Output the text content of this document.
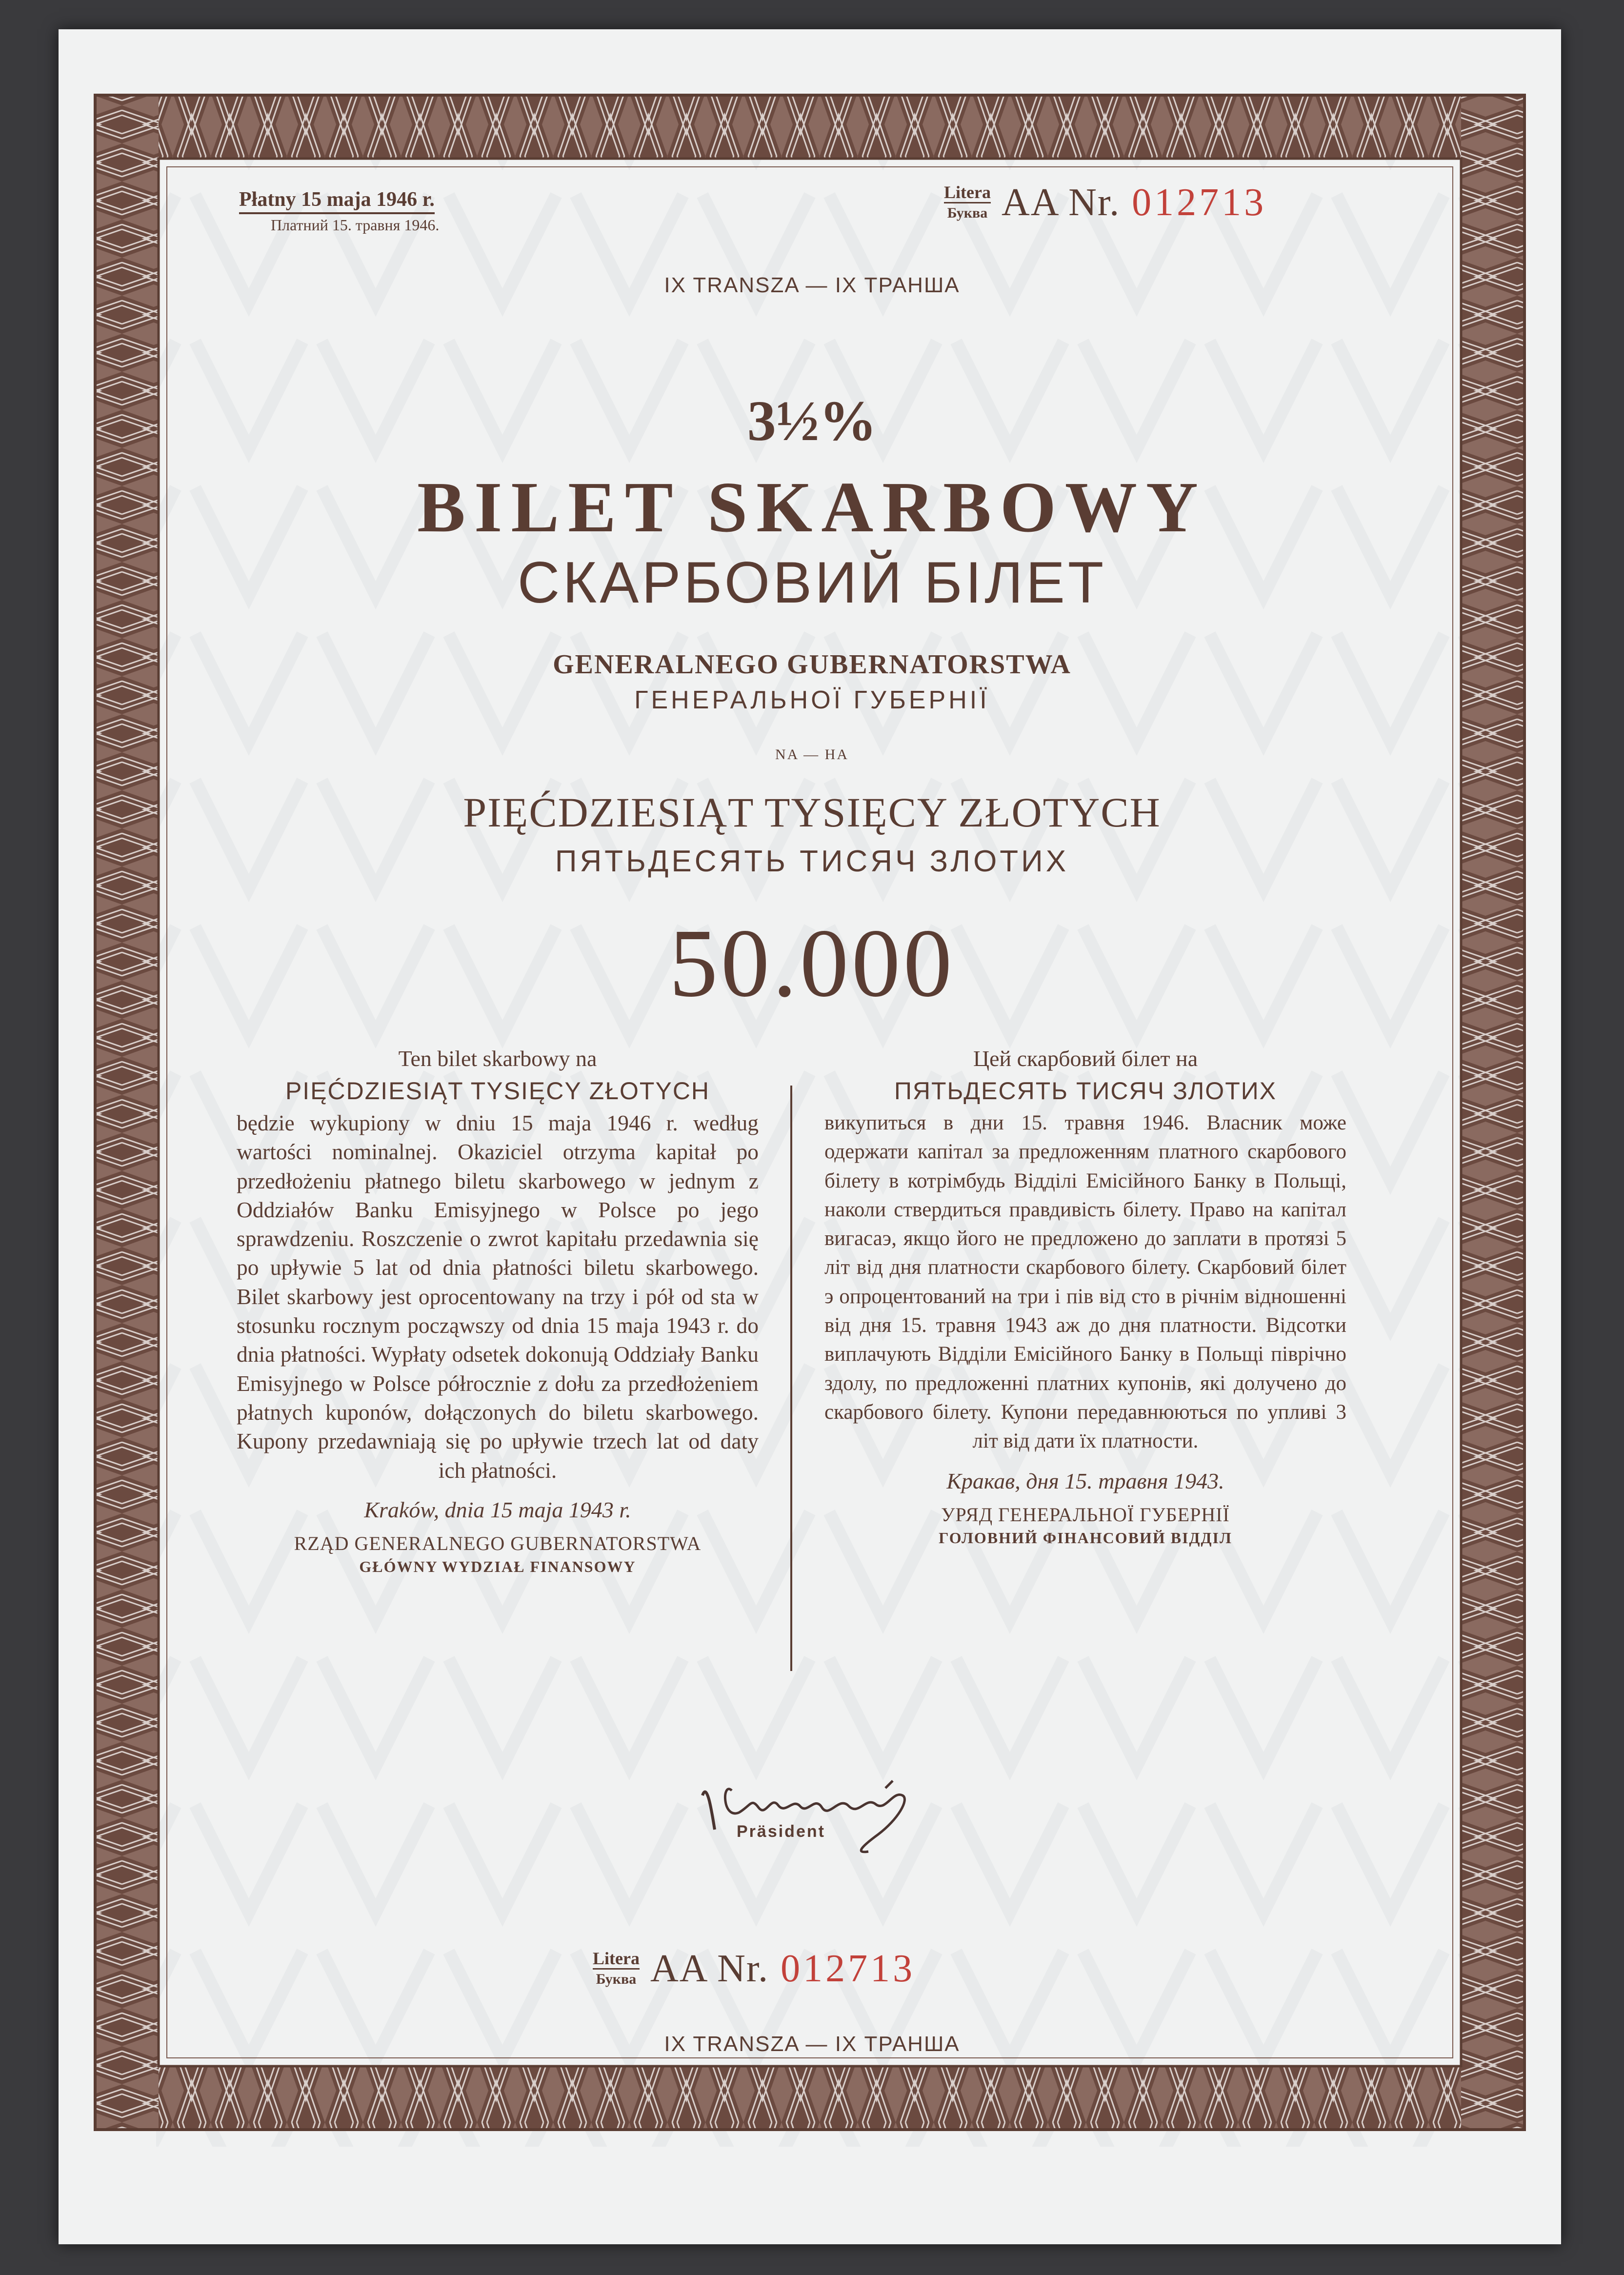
Płatny 15 maja 1946 r.
Платний 15. травня 1946.
Litera
Буква AA Nr. 012713
IX TRANSZA — IX ТРАНША
3½%
BILET SKARBOWY
СКАРБОВИЙ БІЛЕТ
GENERALNEGO GUBERNATORSTWA
ГЕНЕРАЛЬНОЇ ГУБЕРНІЇ
NA — HA
PIĘĆDZIESIĄT TYSIĘCY ZŁOTYCH
ПЯТЬДЕСЯТЬ ТИСЯЧ ЗЛОТИХ
50.000
Ten bilet skarbowy na
PIĘĆDZIESIĄT TYSIĘCY ZŁOTYCH
będzie wykupiony w dniu 15 maja 1946 r. według wartości nominalnej. Okaziciel otrzyma kapitał po przedłożeniu płatnego biletu skarbowego w jednym z Oddziałów Banku Emisyjnego w Polsce po jego sprawdzeniu. Roszczenie o zwrot kapitału przedawnia się po upływie 5 lat od dnia płatności biletu skarbowego. Bilet skarbowy jest oprocentowany na trzy i pół od sta w stosunku rocznym począwszy od dnia 15 maja 1943 r. do dnia płatności. Wypłaty odsetek dokonują Oddziały Banku Emisyjnego w Polsce półrocznie z dołu za przedłożeniem płatnych kuponów, dołączonych do biletu skarbowego. Kupony przedawniają się po upływie trzech lat od daty ich płatności.
Kraków, dnia 15 maja 1943 r.
RZĄD GENERALNEGO GUBERNATORSTWA
GŁÓWNY WYDZIAŁ FINANSOWY
Цей скарбовий білет на
ПЯТЬДЕСЯТЬ ТИСЯЧ ЗЛОТИХ
викупиться в дни 15. травня 1946. Власник може одержати капітал за предложенням платного скарбового білету в котрімбудь Відділі Емісійного Банку в Польщі, наколи ствердиться правдивість білету. Право на капітал вигасаэ, якщо його не предложено до заплати в протязі 5 літ від дня платности скарбового білету. Скарбовий білет э опроцентований на три і пів від сто в річнім відношенні від дня 15. травня 1943 аж до дня платности. Відсотки виплачують Відділи Емісійного Банку в Польщі піврічно здолу, по предложенні платних купонів, які долучено до скарбового білету. Купони передавнюються по упливі 3 літ від дати їх платности.
Кракав, дня 15. травня 1943.
УРЯД ГЕНЕРАЛЬНОЇ ГУБЕРНІЇ
ГОЛОВНИЙ ФІНАНСОВИЙ ВІДДІЛ
Präsident
Litera
Буква AA Nr. 012713
IX TRANSZA — IX ТРАНША
